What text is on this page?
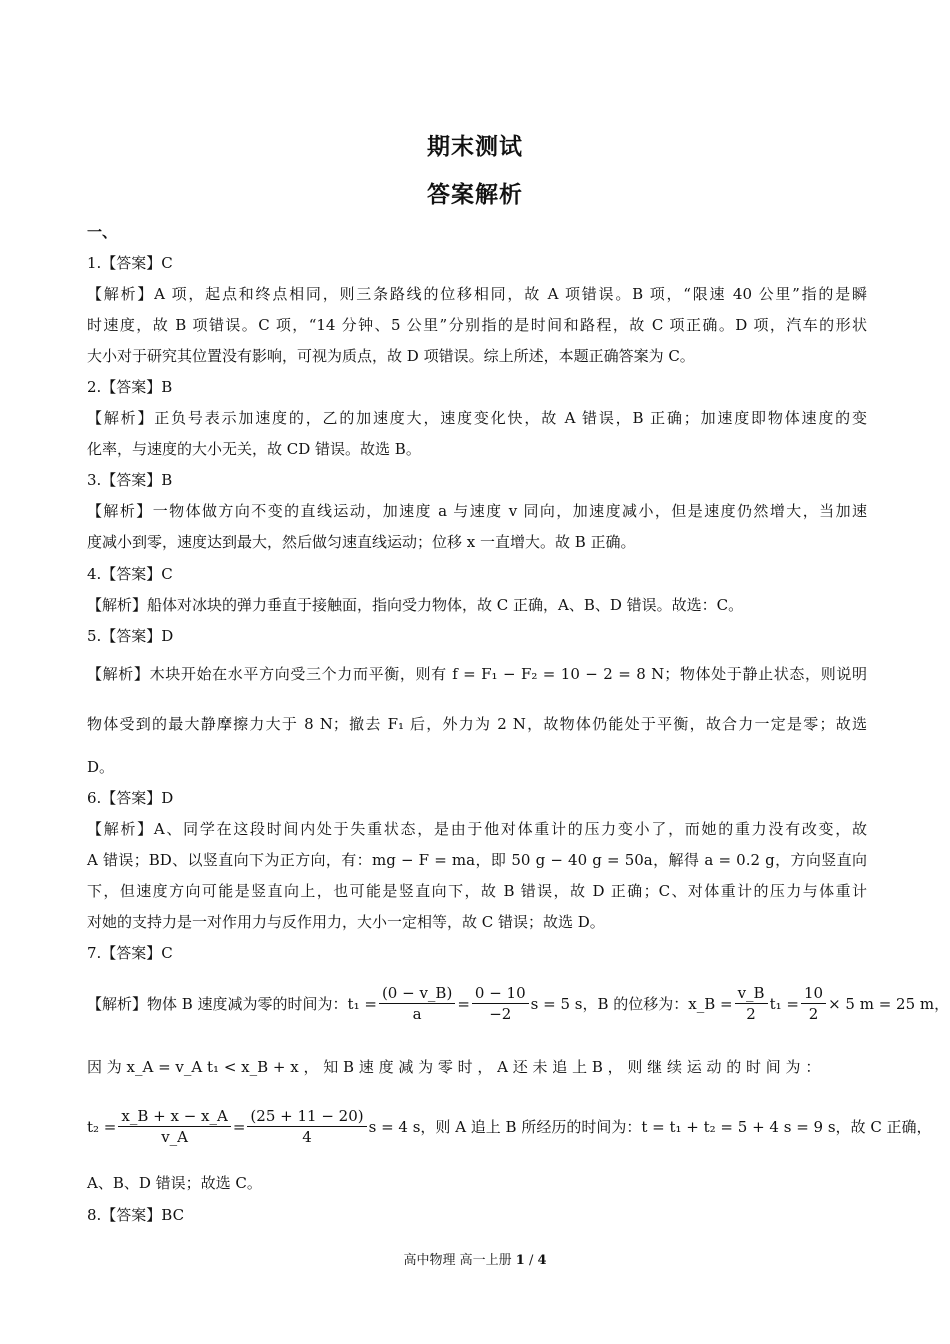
期末测试
答案解析
一、
1.【答案】C
【解析】A 项，起点和终点相同，则三条路线的位移相同，故 A 项错误。B 项，“限速 40 公里”指的是瞬
时速度，故 B 项错误。C 项，“14 分钟、5 公里”分别指的是时间和路程，故 C 项正确。D 项，汽车的形状
大小对于研究其位置没有影响，可视为质点，故 D 项错误。综上所述，本题正确答案为 C。
2.【答案】B
【解析】正负号表示加速度的，乙的加速度大，速度变化快，故 A 错误，B 正确；加速度即物体速度的变
化率，与速度的大小无关，故 CD 错误。故选 B。
3.【答案】B
【解析】一物体做方向不变的直线运动，加速度 a 与速度 v 同向，加速度减小，但是速度仍然增大，当加速
度减小到零，速度达到最大，然后做匀速直线运动；位移 x 一直增大。故 B 正确。
4.【答案】C
【解析】船体对冰块的弹力垂直于接触面，指向受力物体，故 C 正确，A、B、D 错误。故选：C。
5.【答案】D
【解析】木块开始在水平方向受三个力而平衡，则有 f = F₁ − F₂ = 10 − 2 = 8 N；物体处于静止状态，则说明
物体受到的最大静摩擦力大于 8 N；撤去 F₁ 后，外力为 2 N，故物体仍能处于平衡，故合力一定是零；故选
D。
6.【答案】D
【解析】A、同学在这段时间内处于失重状态，是由于他对体重计的压力变小了，而她的重力没有改变，故
A 错误；BD、以竖直向下为正方向，有：mg − F = ma，即 50 g − 40 g = 50a，解得 a = 0.2 g，方向竖直向
下，但速度方向可能是竖直向上，也可能是竖直向下，故 B 错误，故 D 正确；C、对体重计的压力与体重计
对她的支持力是一对作用力与反作用力，大小一定相等，故 C 错误；故选 D。
7.【答案】C
【解析】物体 B 速度减为零的时间为：$t_1 = \frac{(0 - v\_B)}{a} = \frac{0 - 10}{-2}$ s = 5 s，B 的位移为：x_B = $\frac{v\_B}{2} t_1 = \frac{10}{2} \times 5$ m = 25 m，
因 为 x_A = v_A t₁ < x_B + x ， 知 B 速 度 减 为 零 时 ， A 还 未 追 上 B ， 则 继 续 运 动 的 时 间 为 ：
$t_2 = \frac{x\_B + x - x\_A}{v\_A} = \frac{(25 + 11 - 20)}{4}$ s = 4 s，则 A 追上 B 所经历的时间为：t = t₁ + t₂ = 5 + 4 s = 9 s，故 C 正确，
A、B、D 错误；故选 C。
8.【答案】BC
高中物理 高一上册 1 / 4
